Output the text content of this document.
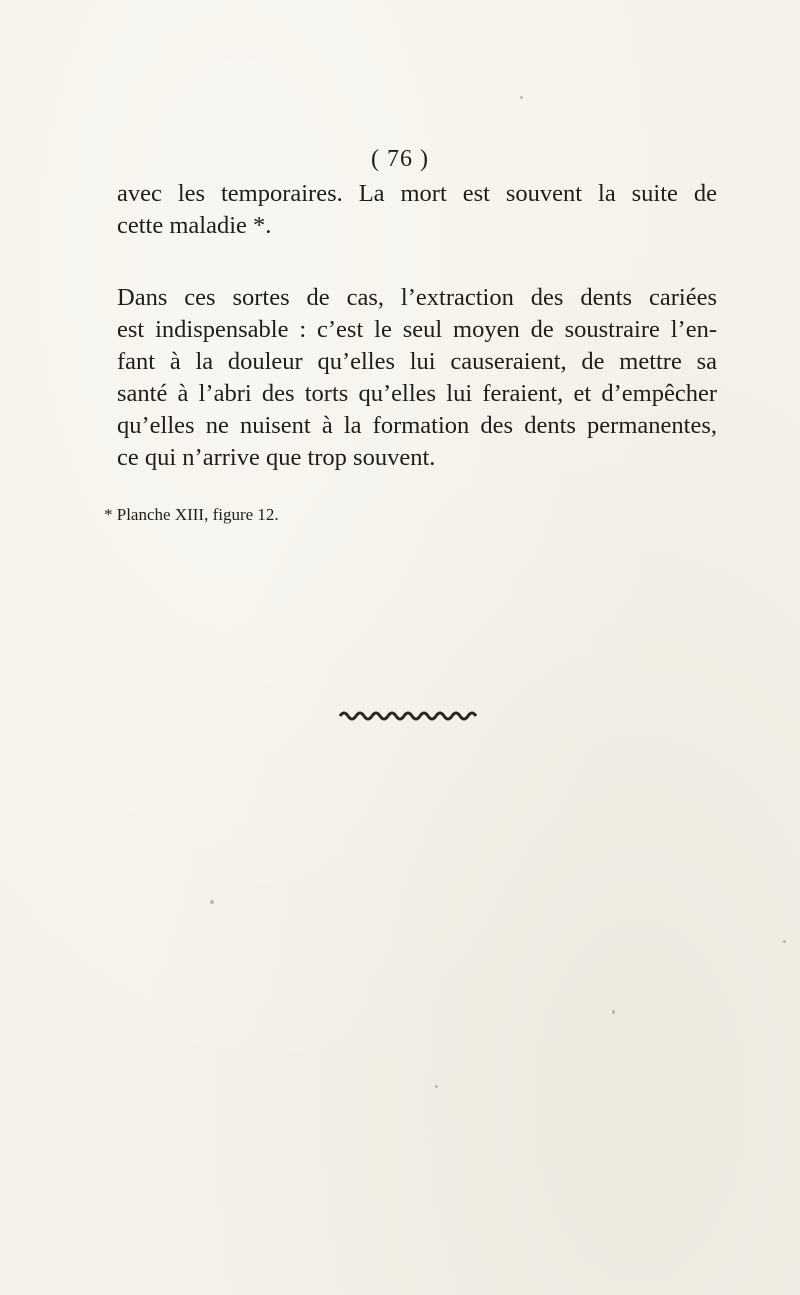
( 76 )
avec les temporaires. La mort est souvent la suite de
cette maladie *.
Dans ces sortes de cas, l’extraction des dents cariées
est indispensable : c’est le seul moyen de soustraire l’en-
fant à la douleur qu’elles lui causeraient, de mettre sa
santé à l’abri des torts qu’elles lui feraient, et d’empêcher
qu’elles ne nuisent à la formation des dents permanentes,
ce qui n’arrive que trop souvent.
* Planche XIII, figure 12.
